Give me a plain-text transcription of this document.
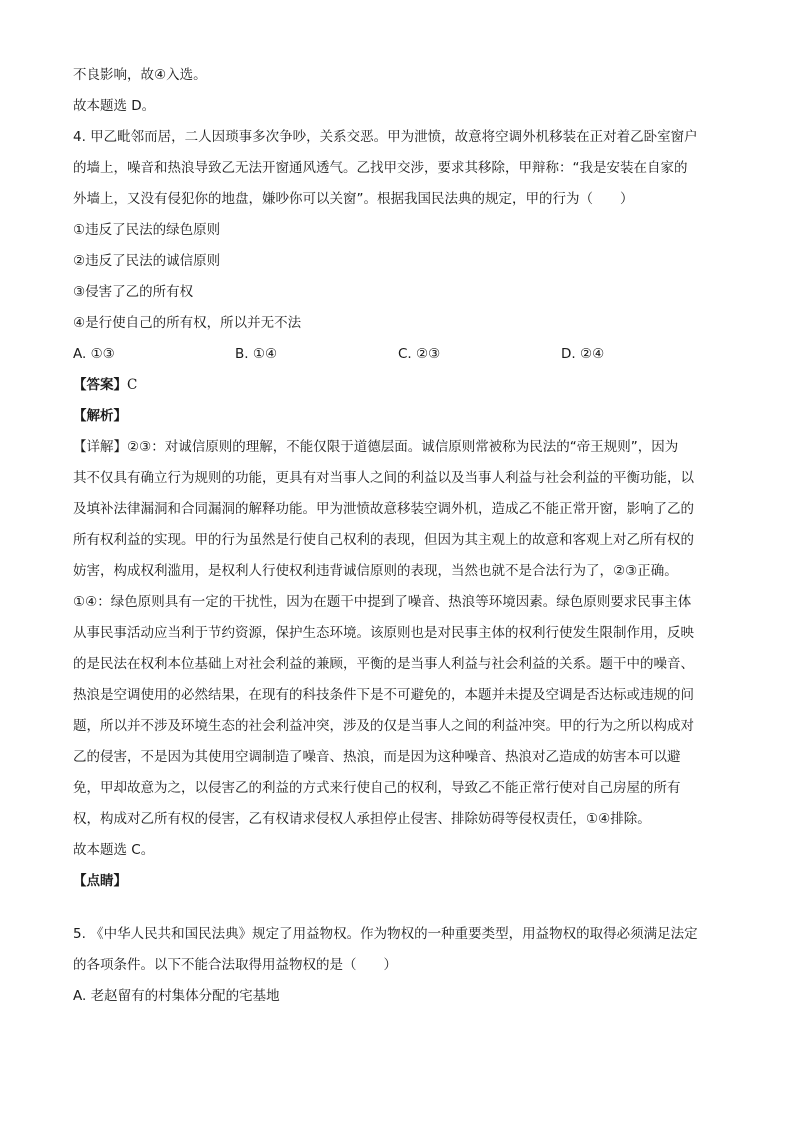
不良影响，故④入选。
故本题选 D。
4. 甲乙毗邻而居，二人因琐事多次争吵，关系交恶。甲为泄愤，故意将空调外机移装在正对着乙卧室窗户
的墙上，噪音和热浪导致乙无法开窗通风透气。乙找甲交涉，要求其移除，甲辩称：“我是安装在自家的
外墙上，又没有侵犯你的地盘，嫌吵你可以关窗”。根据我国民法典的规定，甲的行为（　　）
①违反了民法的绿色原则
②违反了民法的诚信原则
③侵害了乙的所有权
④是行使自己的所有权，所以并无不法
A. ①③	B. ①④	C. ②③	D. ②④
【答案】C
【解析】
【详解】②③：对诚信原则的理解，不能仅限于道德层面。诚信原则常被称为民法的“帝王规则”，因为
其不仅具有确立行为规则的功能，更具有对当事人之间的利益以及当事人利益与社会利益的平衡功能，以
及填补法律漏洞和合同漏洞的解释功能。甲为泄愤故意移装空调外机，造成乙不能正常开窗，影响了乙的
所有权利益的实现。甲的行为虽然是行使自己权利的表现，但因为其主观上的故意和客观上对乙所有权的
妨害，构成权利滥用，是权利人行使权利违背诚信原则的表现，当然也就不是合法行为了，②③正确。
①④：绿色原则具有一定的干扰性，因为在题干中提到了噪音、热浪等环境因素。绿色原则要求民事主体
从事民事活动应当利于节约资源，保护生态环境。该原则也是对民事主体的权利行使发生限制作用，反映
的是民法在权利本位基础上对社会利益的兼顾，平衡的是当事人利益与社会利益的关系。题干中的噪音、
热浪是空调使用的必然结果，在现有的科技条件下是不可避免的，本题并未提及空调是否达标或违规的问
题，所以并不涉及环境生态的社会利益冲突，涉及的仅是当事人之间的利益冲突。甲的行为之所以构成对
乙的侵害，不是因为其使用空调制造了噪音、热浪，而是因为这种噪音、热浪对乙造成的妨害本可以避
免，甲却故意为之，以侵害乙的利益的方式来行使自己的权利，导致乙不能正常行使对自己房屋的所有
权，构成对乙所有权的侵害，乙有权请求侵权人承担停止侵害、排除妨碍等侵权责任，①④排除。
故本题选 C。
【点睛】
5. 《中华人民共和国民法典》规定了用益物权。作为物权的一种重要类型，用益物权的取得必须满足法定
的各项条件。以下不能合法取得用益物权的是（　　）
A. 老赵留有的村集体分配的宅基地
